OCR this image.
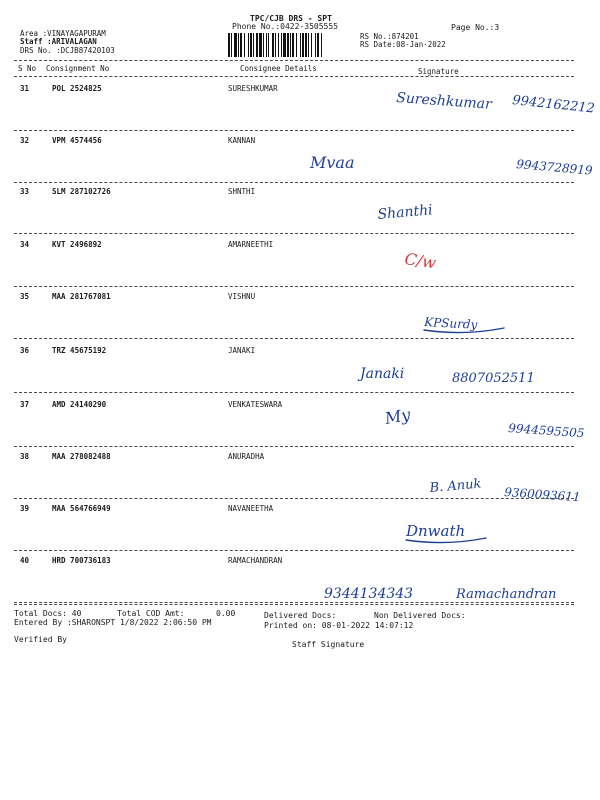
TPC/CJB DRS - SPT
Phone No.:0422-3505555	Page No.:3
Area :VINAYAGAPURAM
Staff :ARIVALAGAN
DRS No. :DCJB87420103
RS No.:874201
RS Date:08-Jan-2022
S No Consignment No	Consignee Details	Signature
31	POL 2524825	SURESHKUMAR
Sureshkumar 9942162212
32	VPM 4574456	KANNAN
Mvaa	9943728919
33	SLM 287102726	SHNTHI
Shanthi
34	KVT 2496892	AMARNEETHI
C/w
35	MAA 281767081	VISHNU
KPSurdy
36	TRZ 45675192	JANAKI
Janaki	8807052511
37	AMD 24140290	VENKATESWARA
My
9944595505
38	MAA 278082488	ANURADHA
B. Anuk 9360093611
39	MAA 564766949	NAVANEETHA
Dnwath
40	HRD 700736183	RAMACHANDRAN
Ramachandran
9344134343
Total Docs: 40	Total COD Amt:	0.00	Delivered Docs:	Non Delivered Docs:
Entered By :SHARONSPT 1/8/2022 2:06:50 PM	Printed on: 08-01-2022 14:07:12
Verified By
Staff Signature
